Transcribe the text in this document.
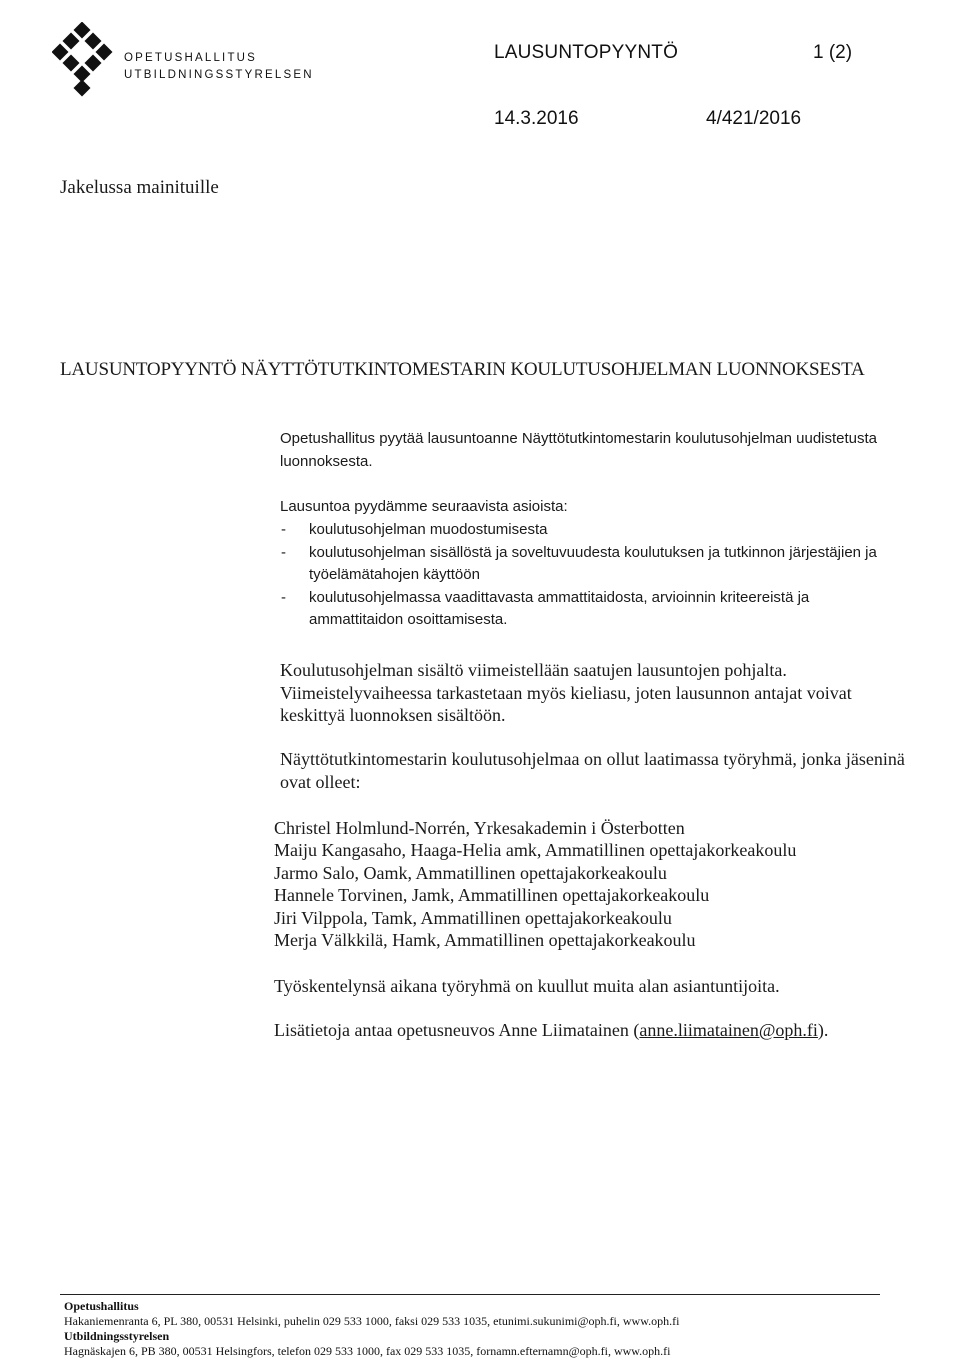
OPETUSHALLITUS
UTBILDNINGSSTYRELSEN
LAUSUNTOPYYNTÖ	1 (2)
14.3.2016	4/421/2016
Jakelussa mainituille
LAUSUNTOPYYNTÖ NÄYTTÖTUTKINTOMESTARIN KOULUTUSOHJELMAN LUONNOKSESTA
Opetushallitus pyytää lausuntoanne Näyttötutkintomestarin koulutusohjelman uudistetusta luonnoksesta.
Lausuntoa pyydämme seuraavista asioista:
- koulutusohjelman muodostumisesta
- koulutusohjelman sisällöstä ja soveltuvuudesta koulutuksen ja tutkinnon järjestäjien ja työelämätahojen käyttöön
- koulutusohjelmassa vaadittavasta ammattitaidosta, arvioinnin kriteereistä ja ammattitaidon osoittamisesta.
Koulutusohjelman sisältö viimeistellään saatujen lausuntojen pohjalta. Viimeistelyvaiheessa tarkastetaan myös kieliasu, joten lausunnon antajat voivat keskittyä luonnoksen sisältöön.
Näyttötutkintomestarin koulutusohjelmaa on ollut laatimassa työryhmä, jonka jäseninä ovat olleet:
Christel Holmlund-Norrén, Yrkesakademin i Österbotten
Maiju Kangasaho, Haaga-Helia amk, Ammatillinen opettajakorkeakoulu
Jarmo Salo, Oamk, Ammatillinen opettajakorkeakoulu
Hannele Torvinen, Jamk, Ammatillinen opettajakorkeakoulu
Jiri Vilppola, Tamk, Ammatillinen opettajakorkeakoulu
Merja Välkkilä, Hamk, Ammatillinen opettajakorkeakoulu
Työskentelynsä aikana työryhmä on kuullut muita alan asiantuntijoita.
Lisätietoja antaa opetusneuvos Anne Liimatainen (anne.liimatainen@oph.fi).
Opetushallitus
Hakaniemenranta 6, PL 380, 00531 Helsinki, puhelin 029 533 1000, faksi 029 533 1035, etunimi.sukunimi@oph.fi, www.oph.fi
Utbildningsstyrelsen
Hagnäskajen 6, PB 380, 00531 Helsingfors, telefon 029 533 1000, fax 029 533 1035, fornamn.efternamn@oph.fi, www.oph.fi
